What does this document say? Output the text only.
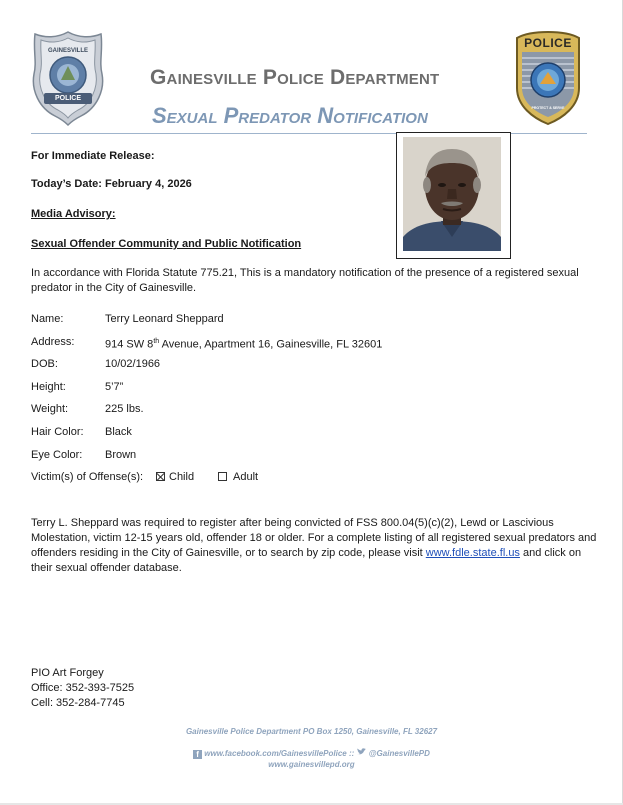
GAINESVILLE
POLICE
POLICE
PROTECT & SERVE
Gainesville Police Department
Sexual Predator Notification
For Immediate Release:
Today’s Date: February 4, 2026
Media Advisory:
Sexual Offender Community and Public Notification
In accordance with Florida Statute 775.21, This is a mandatory notification of the presence of a registered sexual
predator in the City of Gainesville.
Name:	Terry Leonard Sheppard
Address:	914 SW 8th Avenue, Apartment 16, Gainesville, FL 32601
DOB:	10/02/1966
Height:	5’7”
Weight:	225 lbs.
Hair Color: Black
Eye Color: Brown
Victim(s) of Offense(s):	Child	Adult
Terry L. Sheppard was required to register after being convicted of FSS 800.04(5)(c)(2), Lewd or Lascivious
Molestation, victim 12-15 years old, offender 18 or older. For a complete listing of all registered sexual predators and
offenders residing in the City of Gainesville, or to search by zip code, please visit www.fdle.state.fl.us and click on
their sexual offender database.
PIO Art Forgey
Office: 352-393-7525
Cell: 352-284-7745
Gainesville Police Department PO Box 1250, Gainesville, FL 32627
f www.facebook.com/GainesvillePolice :: @GainesvillePD
www.gainesvillepd.org
